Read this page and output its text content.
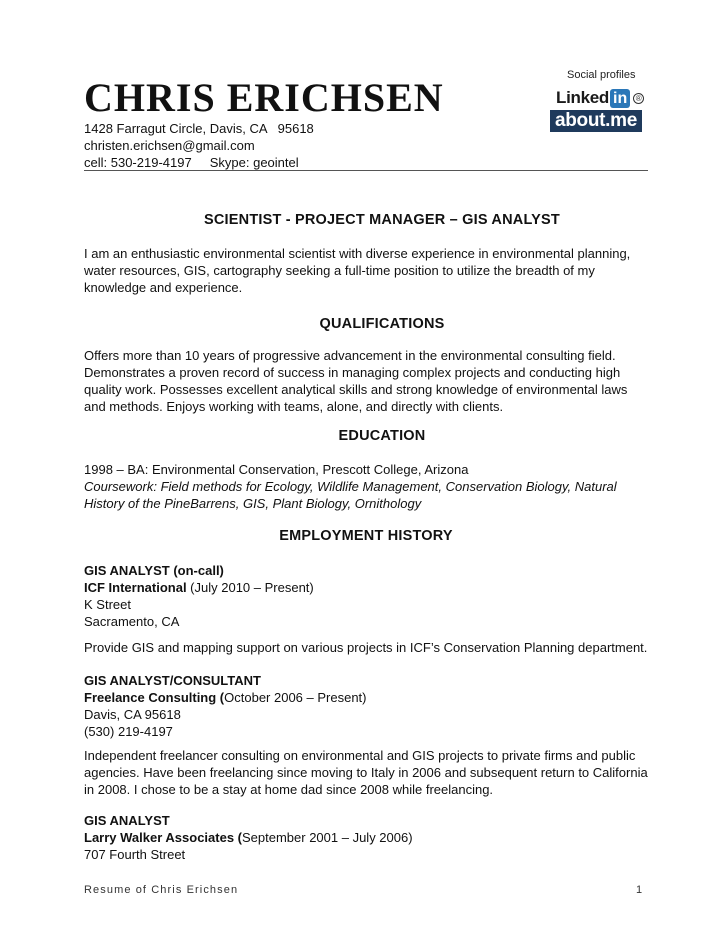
CHRIS ERICHSEN
1428 Farragut Circle, Davis, CA   95618
christen.erichsen@gmail.com
cell: 530-219-4197     Skype: geointel
Social profiles
Linked in	®
about.me
SCIENTIST - PROJECT MANAGER – GIS ANALYST
I am an enthusiastic environmental scientist with diverse experience in environmental planning, water resources, GIS, cartography seeking a full-time position to utilize the breadth of my knowledge and experience.
QUALIFICATIONS
Offers more than 10 years of progressive advancement in the environmental consulting field. Demonstrates a proven record of success in managing complex projects and conducting high quality work. Possesses excellent analytical skills and strong knowledge of environmental laws and methods. Enjoys working with teams, alone, and directly with clients.
EDUCATION

1998 – BA: Environmental Conservation, Prescott College, Arizona

Coursework: Field methods for Ecology, Wildlife Management, Conservation Biology, Natural History of the PineBarrens, GIS, Plant Biology, Ornithology

EMPLOYMENT HISTORY

GIS ANALYST (on-call)

ICF International (July 2010 – Present)

K Street

Sacramento, CA

Provide GIS and mapping support on various projects in ICF’s Conservation Planning department.

GIS ANALYST/CONSULTANT

Freelance Consulting (October 2006 – Present)

Davis, CA 95618

(530) 219-4197

Independent freelancer consulting on environmental and GIS projects to private firms and public agencies. Have been freelancing since moving to Italy in 2006 and subsequent return to California in 2008. I chose to be a stay at home dad since 2008 while freelancing.

GIS ANALYST

Larry Walker Associates (September 2001 – July 2006)

707 Fourth Street

Resume of Chris Erichsen	1
